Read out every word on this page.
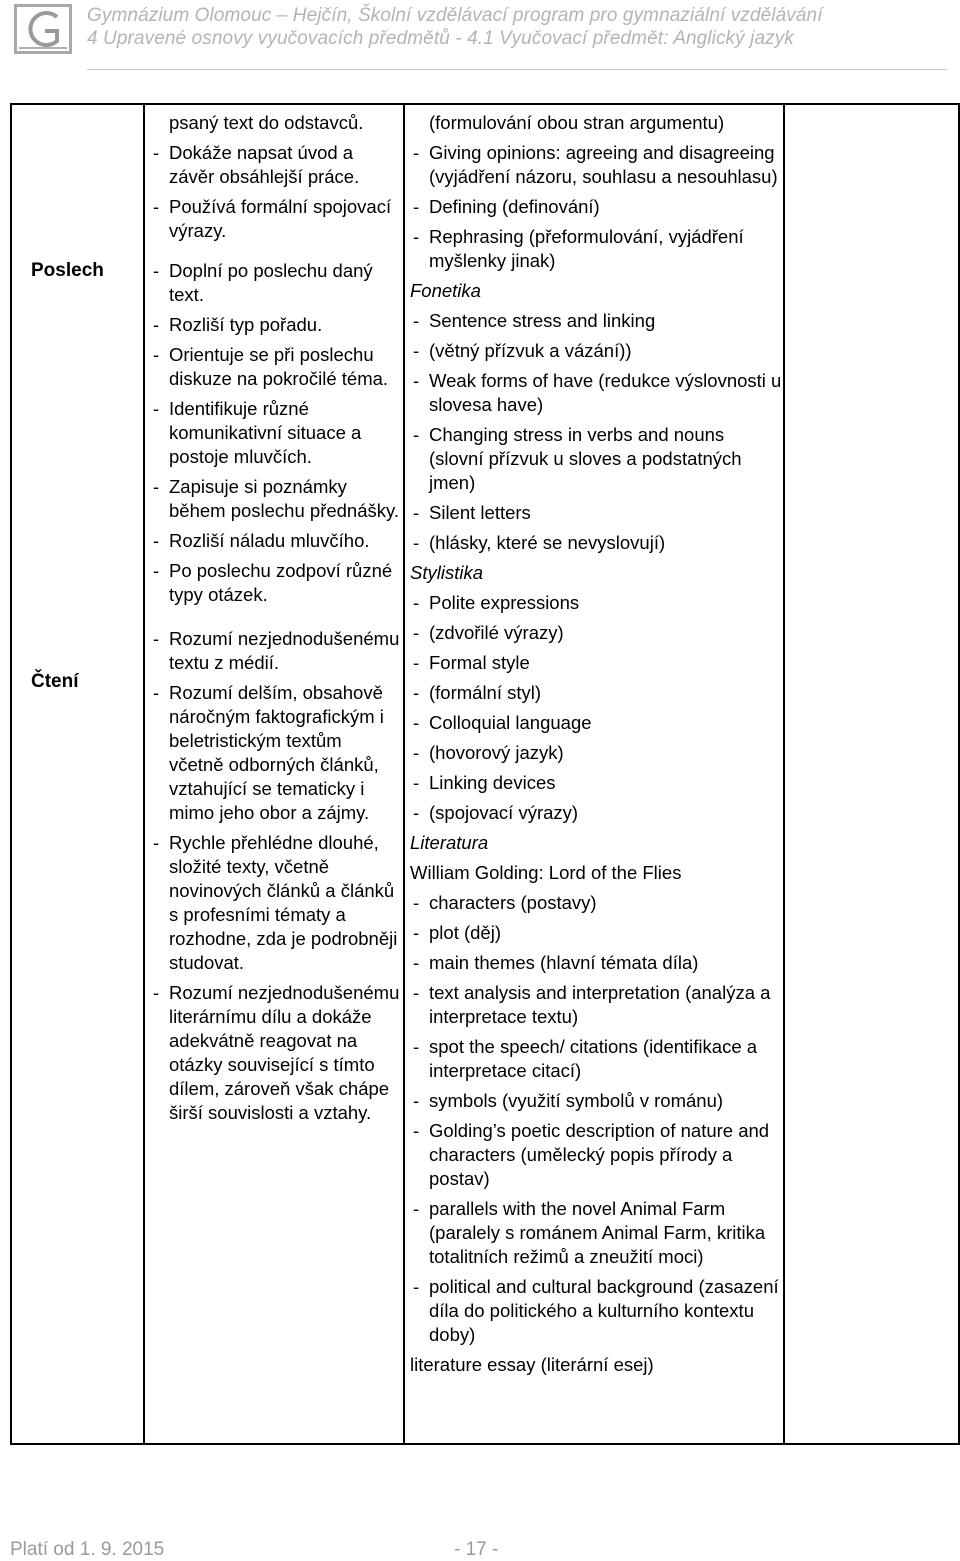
Gymnázium Olomouc – Hejčín, Školní vzdělávací program pro gymnaziální vzdělávání
4 Upravené osnovy vyučovacích předmětů - 4.1 Vyučovací předmět: Anglický jazyk
Poslech
Čtení
psaný text do odstavců.
- Dokáže napsat úvod a závěr obsáhlejší práce.
- Používá formální spojovací výrazy.
- Doplní po poslechu daný text.
- Rozliší typ pořadu.
- Orientuje se při poslechu diskuze na pokročilé téma.
- Identifikuje různé komunikativní situace a postoje mluvčích.
- Zapisuje si poznámky během poslechu přednášky.
- Rozliší náladu mluvčího.
- Po poslechu zodpoví různé typy otázek.
- Rozumí nezjednodušenému textu z médií.
- Rozumí delším, obsahově náročným faktografickým i beletristickým textům včetně odborných článků, vztahující se tematicky i mimo jeho obor a zájmy.
- Rychle přehlédne dlouhé, složité texty, včetně novinových článků a článků s profesními tématy a rozhodne, zda je podrobněji studovat.
- Rozumí nezjednodušenému literárnímu dílu a dokáže adekvátně reagovat na otázky související s tímto dílem, zároveň však chápe širší souvislosti a vztahy.
(formulování obou stran argumentu)
- Giving opinions: agreeing and disagreeing (vyjádření názoru, souhlasu a nesouhlasu)
- Defining (definování)
- Rephrasing (přeformulování, vyjádření myšlenky jinak)
Fonetika
- Sentence stress and linking
- (větný přízvuk a vázání))
- Weak forms of have (redukce výslovnosti u slovesa have)
- Changing stress in verbs and nouns (slovní přízvuk u sloves a podstatných jmen)
- Silent letters
- (hlásky, které se nevyslovují)
Stylistika
- Polite expressions
- (zdvořilé výrazy)
- Formal style
- (formální styl)
- Colloquial language
- (hovorový jazyk)
- Linking devices
- (spojovací výrazy)
Literatura
William Golding: Lord of the Flies
- characters (postavy)
- plot (děj)
- main themes (hlavní témata díla)
- text analysis and interpretation (analýza a interpretace textu)
- spot the speech/ citations (identifikace a interpretace citací)
- symbols (využití symbolů v románu)
- Golding’s poetic description of nature and characters (umělecký popis přírody a postav)
- parallels with the novel Animal Farm (paralely s románem Animal Farm, kritika totalitních režimů a zneužití moci)
- political and cultural background (zasazení díla do politického a kulturního kontextu doby)
literature essay (literární esej)
Platí od 1. 9. 2015	- 17 -
